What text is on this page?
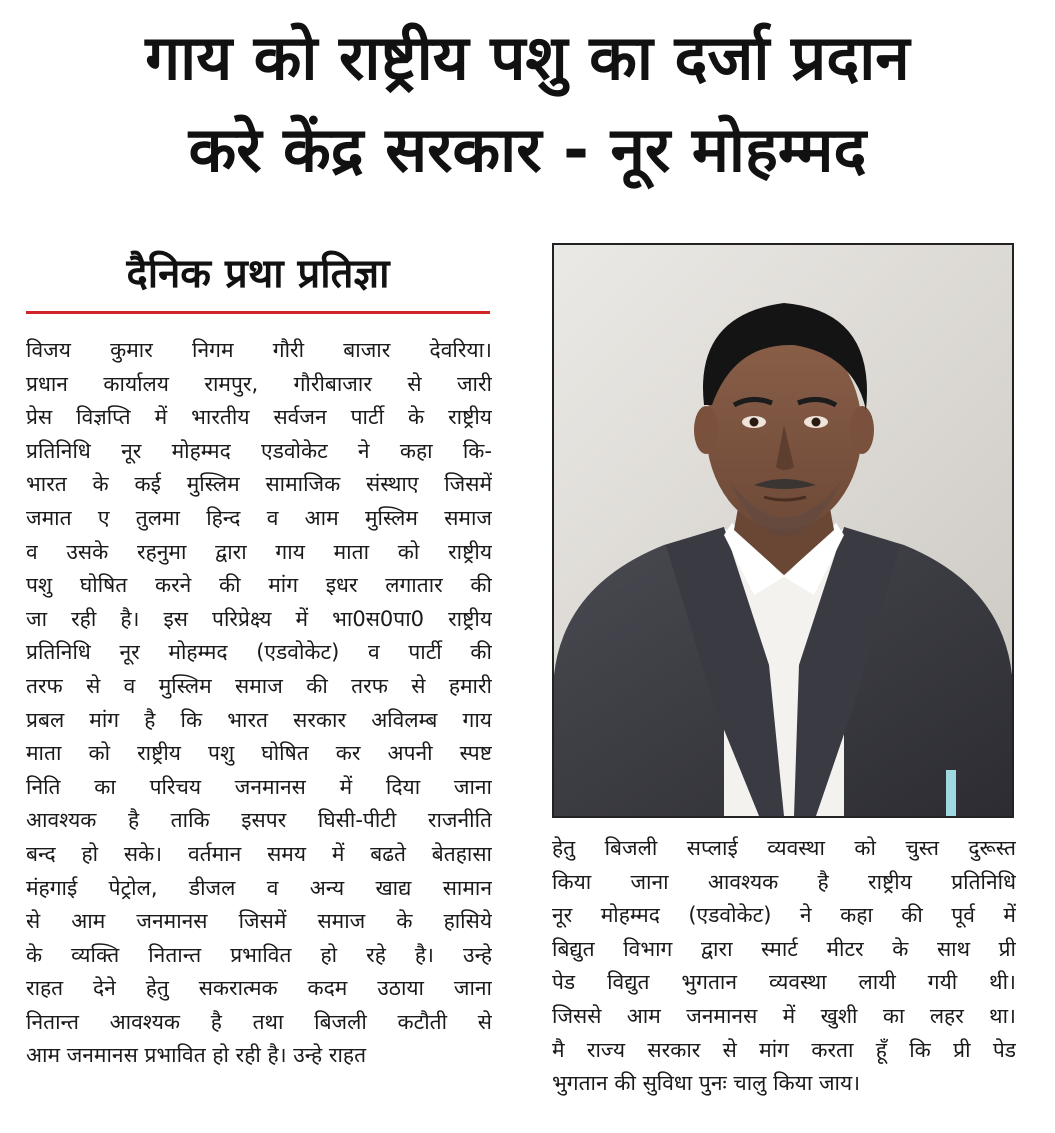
गाय को राष्ट्रीय पशु का दर्जा प्रदान
करे केंद्र सरकार - नूर मोहम्मद
दैनिक प्रथा प्रतिज्ञा
विजय कुमार निगम गौरी बाजार देवरिया।
प्रधान कार्यालय रामपुर, गौरीबाजार से जारी
प्रेस विज्ञप्ति में भारतीय सर्वजन पार्टी के राष्ट्रीय
प्रतिनिधि नूर मोहम्मद एडवोकेट ने कहा कि-
भारत के कई मुस्लिम सामाजिक संस्थाए जिसमें
जमात ए तुलमा हिन्द व आम मुस्लिम समाज
व उसके रहनुमा द्वारा गाय माता को राष्ट्रीय
पशु घोषित करने की मांग इधर लगातार की
जा रही है। इस परिप्रेक्ष्य में भा0स0पा0 राष्ट्रीय
प्रतिनिधि नूर मोहम्मद (एडवोकेट) व पार्टी की
तरफ से व मुस्लिम समाज की तरफ से हमारी
प्रबल मांग है कि भारत सरकार अविलम्ब गाय
माता को राष्ट्रीय पशु घोषित कर अपनी स्पष्ट
निति का परिचय जनमानस में दिया जाना
आवश्यक है ताकि इसपर घिसी-पीटी राजनीति
बन्द हो सके। वर्तमान समय में बढते बेतहासा
मंहगाई पेट्रोल, डीजल व अन्य खाद्य सामान
से आम जनमानस जिसमें समाज के हासिये
के व्यक्ति नितान्त प्रभावित हो रहे है। उन्हे
राहत देने हेतु सकरात्मक कदम उठाया जाना
नितान्त आवश्यक है तथा बिजली कटौती से
आम जनमानस प्रभावित हो रही है। उन्हे राहत
हेतु बिजली सप्लाई व्यवस्था को चुस्त दुरूस्त
किया जाना आवश्यक है राष्ट्रीय प्रतिनिधि
नूर मोहम्मद (एडवोकेट) ने कहा की पूर्व में
बिद्युत विभाग द्वारा स्मार्ट मीटर के साथ प्री
पेड विद्युत भुगतान व्यवस्था लायी गयी थी।
जिससे आम जनमानस में खुशी का लहर था।
मै राज्य सरकार से मांग करता हूँ कि प्री पेड
भुगतान की सुविधा पुनः चालु किया जाय।
